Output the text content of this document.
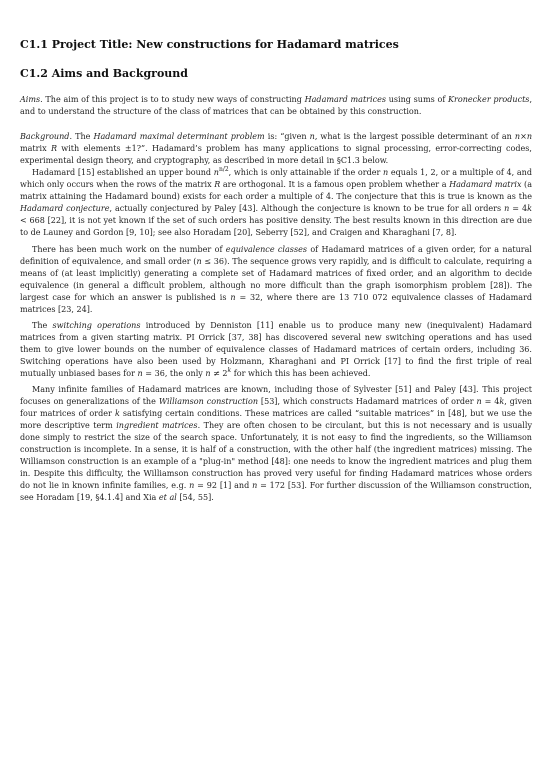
C1.1 Project Title: New constructions for Hadamard matrices
C1.2 Aims and Background

Aims. The aim of this project is to to study new ways of constructing Hadamard matrices using sums of Kronecker products, and to understand the structure of the class of matrices that can be obtained by this construction.

Background. The Hadamard maximal determinant problem is: “given n, what is the largest possible determinant of an n×n matrix R with elements ±1?”. Hadamard’s problem has many applications to signal processing, error-correcting codes, experimental design theory, and cryptography, as described in more detail in §C1.3 below.

Hadamard [15] established an upper bound $n^{n/2}$, which is only attainable if the order n equals 1, 2, or a multiple of 4, and which only occurs when the rows of the matrix R are orthogonal. It is a famous open problem whether a Hadamard matrix (a matrix attaining the Hadamard bound) exists for each order a multiple of 4. The conjecture that this is true is known as the Hadamard conjecture, actually conjectured by Paley [43]. Although the conjecture is known to be true for all orders n = 4k < 668 [22], it is not yet known if the set of such orders has positive density. The best results known in this direction are due to de Launey and Gordon [9, 10]; see also Horadam [20], Seberry [52], and Craigen and Kharaghani [7, 8].

There has been much work on the number of equivalence classes of Hadamard matrices of a given order, for a natural definition of equivalence, and small order (n ≤ 36). The sequence grows very rapidly, and is difficult to calculate, requiring a means of (at least implicitly) generating a complete set of Hadamard matrices of fixed order, and an algorithm to decide equivalence (in general a difficult problem, although no more difficult than the graph isomorphism problem [28]). The largest case for which an answer is published is n = 32, where there are 13 710 072 equivalence classes of Hadamard matrices [23, 24].

The switching operations introduced by Denniston [11] enable us to produce many new (inequivalent) Hadamard matrices from a given starting matrix. PI Orrick [37, 38] has discovered several new switching operations and has used them to give lower bounds on the number of equivalence classes of Hadamard matrices of certain orders, including 36. Switching operations have also been used by Holzmann, Kharaghani and PI Orrick [17] to find the first triple of real mutually unbiased bases for n = 36, the only $n \ne 2^k$ for which this has been achieved.

Many infinite families of Hadamard matrices are known, including those of Sylvester [51] and Paley [43]. This project focuses on generalizations of the Williamson construction [53], which constructs Hadamard matrices of order n = 4k, given four matrices of order k satisfying certain conditions. These matrices are called “suitable matrices” in [48], but we use the more descriptive term ingredient matrices. They are often chosen to be circulant, but this is not necessary and is usually done simply to restrict the size of the search space. Unfortunately, it is not easy to find the ingredients, so the Williamson construction is incomplete. In a sense, it is half of a construction, with the other half (the ingredient matrices) missing. The Williamson construction is an example of a "plug-in" method [48]: one needs to know the ingredient matrices and plug them in. Despite this difficulty, the Williamson construction has proved very useful for finding Hadamard matrices whose orders do not lie in known infinite families, e.g. n = 92 [1] and n = 172 [53]. For further discussion of the Williamson construction, see Horadam [19, §4.1.4] and Xia et al [54, 55].
